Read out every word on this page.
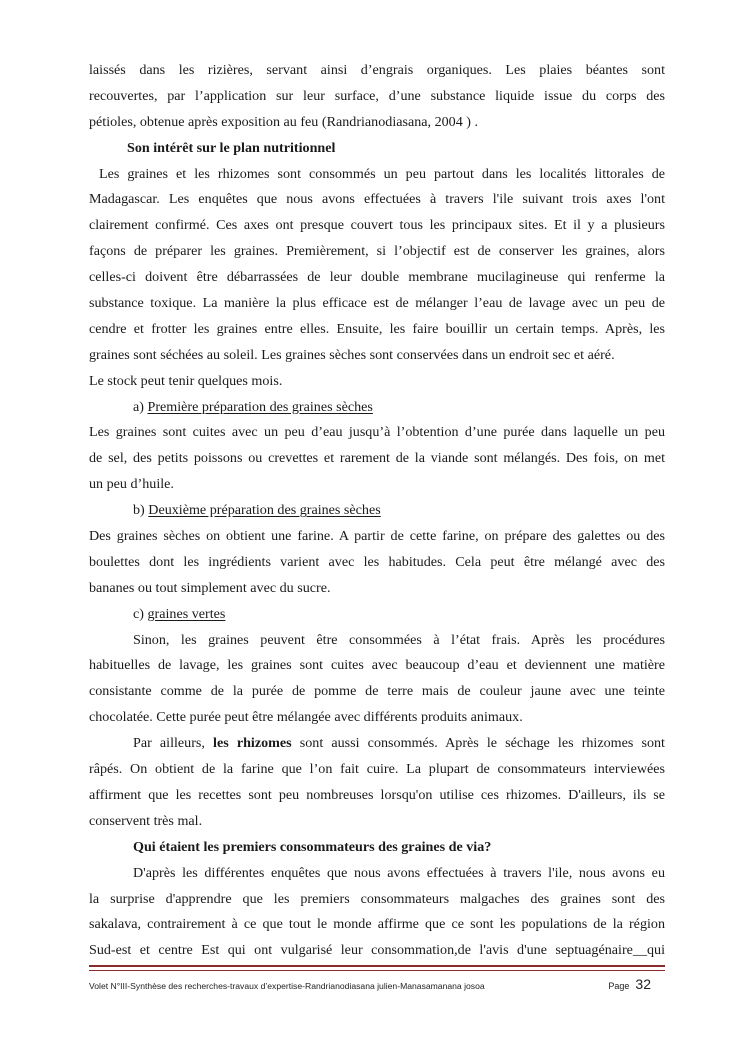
laissés dans les rizières, servant ainsi d’engrais organiques. Les plaies béantes sont
recouvertes, par l’application sur leur surface, d’une substance liquide issue du corps des
pétioles, obtenue après exposition au feu (Randrianodiasana, 2004 ) .
Son intérêt sur le plan nutritionnel
Les graines et les rhizomes sont consommés un peu partout dans les localités littorales de
Madagascar. Les enquêtes que nous avons effectuées à travers l'ile suivant trois axes l'ont
clairement confirmé. Ces axes ont presque couvert tous les principaux sites. Et il y a plusieurs
façons de préparer les graines. Premièrement, si l’objectif est de conserver les graines, alors
celles-ci doivent être débarrassées de leur double membrane mucilagineuse qui renferme la
substance toxique. La manière la plus efficace est de mélanger l’eau de lavage avec un peu de
cendre et frotter les graines entre elles. Ensuite, les faire bouillir un certain temps. Après, les
graines sont séchées au soleil. Les graines sèches sont conservées dans un endroit sec et aéré.
Le stock peut tenir quelques mois.
a) Première préparation des graines sèches
Les graines sont cuites avec un peu d’eau jusqu’à l’obtention d’une purée dans laquelle un peu
de sel, des petits poissons ou crevettes et rarement de la viande sont mélangés. Des fois, on met
un peu d’huile.
b) Deuxième préparation des graines sèches
Des graines sèches on obtient une farine. A partir de cette farine, on prépare des galettes ou des
boulettes dont les ingrédients varient avec les habitudes. Cela peut être mélangé avec des
bananes ou tout simplement avec du sucre.
c) graines vertes
Sinon, les graines peuvent être consommées à l’état frais. Après les procédures
habituelles de lavage, les graines sont cuites avec beaucoup d’eau et deviennent une matière
consistante comme de la purée de pomme de terre mais de couleur jaune avec une teinte
chocolatée. Cette purée peut être mélangée avec différents produits animaux.
Par ailleurs, les rhizomes sont aussi consommés. Après le séchage les rhizomes sont
râpés. On obtient de la farine que l’on fait cuire. La plupart de consommateurs interviewées
affirment que les recettes sont peu nombreuses lorsqu'on utilise ces rhizomes. D'ailleurs, ils se
conservent très mal.
Qui étaient les premiers consommateurs des graines de via?
D'après les différentes enquêtes que nous avons effectuées à travers l'ile, nous avons eu
la surprise d'apprendre que les premiers consommateurs malgaches des graines sont des
sakalava, contrairement à ce que tout le monde affirme que ce sont les populations de la région
Sud-est et centre Est qui ont vulgarisé leur consommation,de l'avis d'une septuagénaire__qui
Volet N°III-Synthèse des recherches-travaux d’expertise-Randrianodiasana julien-Manasamanana josoa	Page 32
